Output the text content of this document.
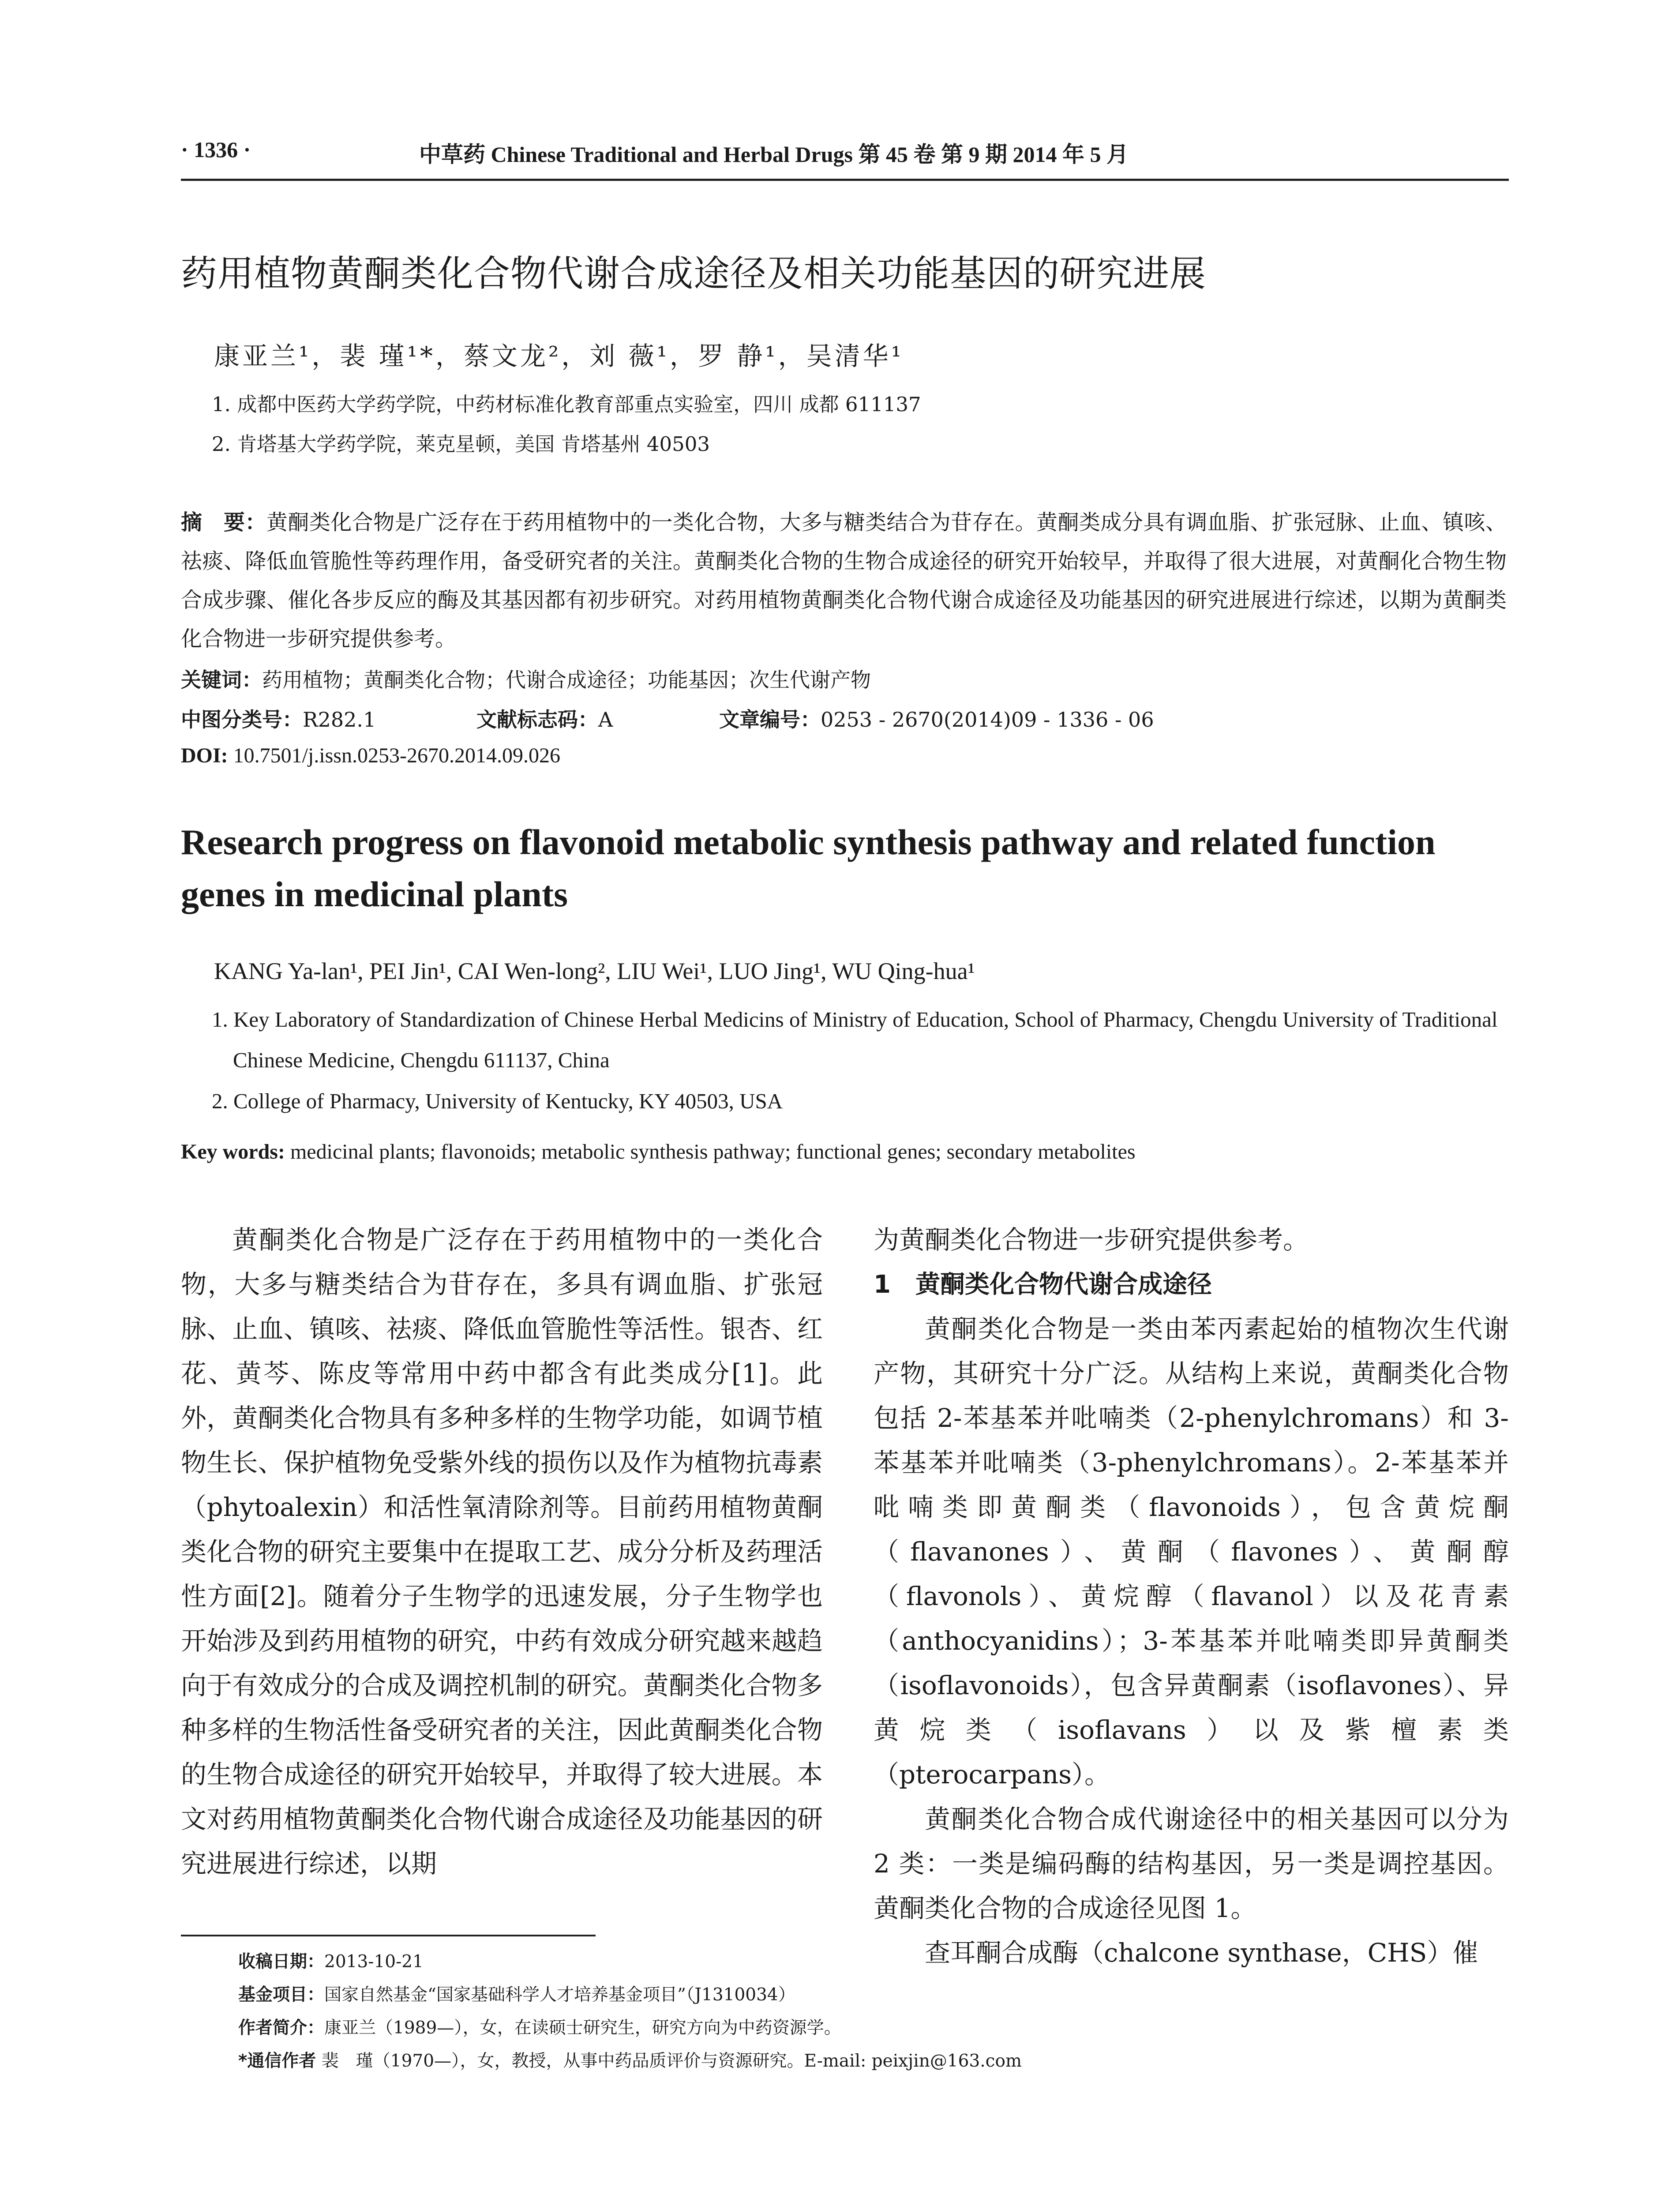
· 1336 ·	中草药 Chinese Traditional and Herbal Drugs 第 45 卷 第 9 期 2014 年 5 月
药用植物黄酮类化合物代谢合成途径及相关功能基因的研究进展
康亚兰¹，裴 瑾¹*，蔡文龙²，刘 薇¹，罗 静¹，吴清华¹
1. 成都中医药大学药学院，中药材标准化教育部重点实验室，四川 成都 611137
2. 肯塔基大学药学院，莱克星顿，美国 肯塔基州 40503
摘　要：黄酮类化合物是广泛存在于药用植物中的一类化合物，大多与糖类结合为苷存在。黄酮类成分具有调血脂、扩张冠脉、止血、镇咳、祛痰、降低血管脆性等药理作用，备受研究者的关注。黄酮类化合物的生物合成途径的研究开始较早，并取得了很大进展，对黄酮化合物生物合成步骤、催化各步反应的酶及其基因都有初步研究。对药用植物黄酮类化合物代谢合成途径及功能基因的研究进展进行综述，以期为黄酮类化合物进一步研究提供参考。
关键词：药用植物；黄酮类化合物；代谢合成途径；功能基因；次生代谢产物
中图分类号：R282.1	文献标志码：A	文章编号：0253 - 2670(2014)09 - 1336 - 06
DOI: 10.7501/j.issn.0253-2670.2014.09.026
Research progress on flavonoid metabolic synthesis pathway and related function genes in medicinal plants
KANG Ya-lan¹, PEI Jin¹, CAI Wen-long², LIU Wei¹, LUO Jing¹, WU Qing-hua¹
1. Key Laboratory of Standardization of Chinese Herbal Medicins of Ministry of Education, School of Pharmacy, Chengdu University of Traditional Chinese Medicine, Chengdu 611137, China
2. College of Pharmacy, University of Kentucky, KY 40503, USA
Key words: medicinal plants; flavonoids; metabolic synthesis pathway; functional genes; secondary metabolites

黄酮类化合物是广泛存在于药用植物中的一类化合物，大多与糖类结合为苷存在，多具有调血脂、扩张冠脉、止血、镇咳、祛痰、降低血管脆性等活性。银杏、红花、黄芩、陈皮等常用中药中都含有此类成分[1]。此外，黄酮类化合物具有多种多样的生物学功能，如调节植物生长、保护植物免受紫外线的损伤以及作为植物抗毒素（phytoalexin）和活性氧清除剂等。目前药用植物黄酮类化合物的研究主要集中在提取工艺、成分分析及药理活性方面[2]。随着分子生物学的迅速发展，分子生物学也开始涉及到药用植物的研究，中药有效成分研究越来越趋向于有效成分的合成及调控机制的研究。黄酮类化合物多种多样的生物活性备受研究者的关注，因此黄酮类化合物的生物合成途径的研究开始较早，并取得了较大进展。本文对药用植物黄酮类化合物代谢合成途径及功能基因的研究进展进行综述，以期

为黄酮类化合物进一步研究提供参考。

1　黄酮类化合物代谢合成途径

黄酮类化合物是一类由苯丙素起始的植物次生代谢产物，其研究十分广泛。从结构上来说，黄酮类化合物包括 2-苯基苯并吡喃类（2-phenylchromans）和 3-苯基苯并吡喃类（3-phenylchromans）。2-苯基苯并吡喃类即黄酮类（flavonoids），包含黄烷酮（flavanones）、黄酮（flavones）、黄酮醇（flavonols）、黄烷醇（flavanol）以及花青素（anthocyanidins）；3-苯基苯并吡喃类即异黄酮类（isoflavonoids），包含异黄酮素（isoflavones）、异黄烷类（isoflavans）以及紫檀素类（pterocarpans）。

黄酮类化合物合成代谢途径中的相关基因可以分为 2 类：一类是编码酶的结构基因，另一类是调控基因。黄酮类化合物的合成途径见图 1。

查耳酮合成酶（chalcone synthase，CHS）催

收稿日期：2013-10-21
基金项目：国家自然基金“国家基础科学人才培养基金项目”（J1310034）
作者简介：康亚兰（1989—），女，在读硕士研究生，研究方向为中药资源学。
*通信作者 裴　瑾（1970—），女，教授，从事中药品质评价与资源研究。E-mail: peixjin@163.com
